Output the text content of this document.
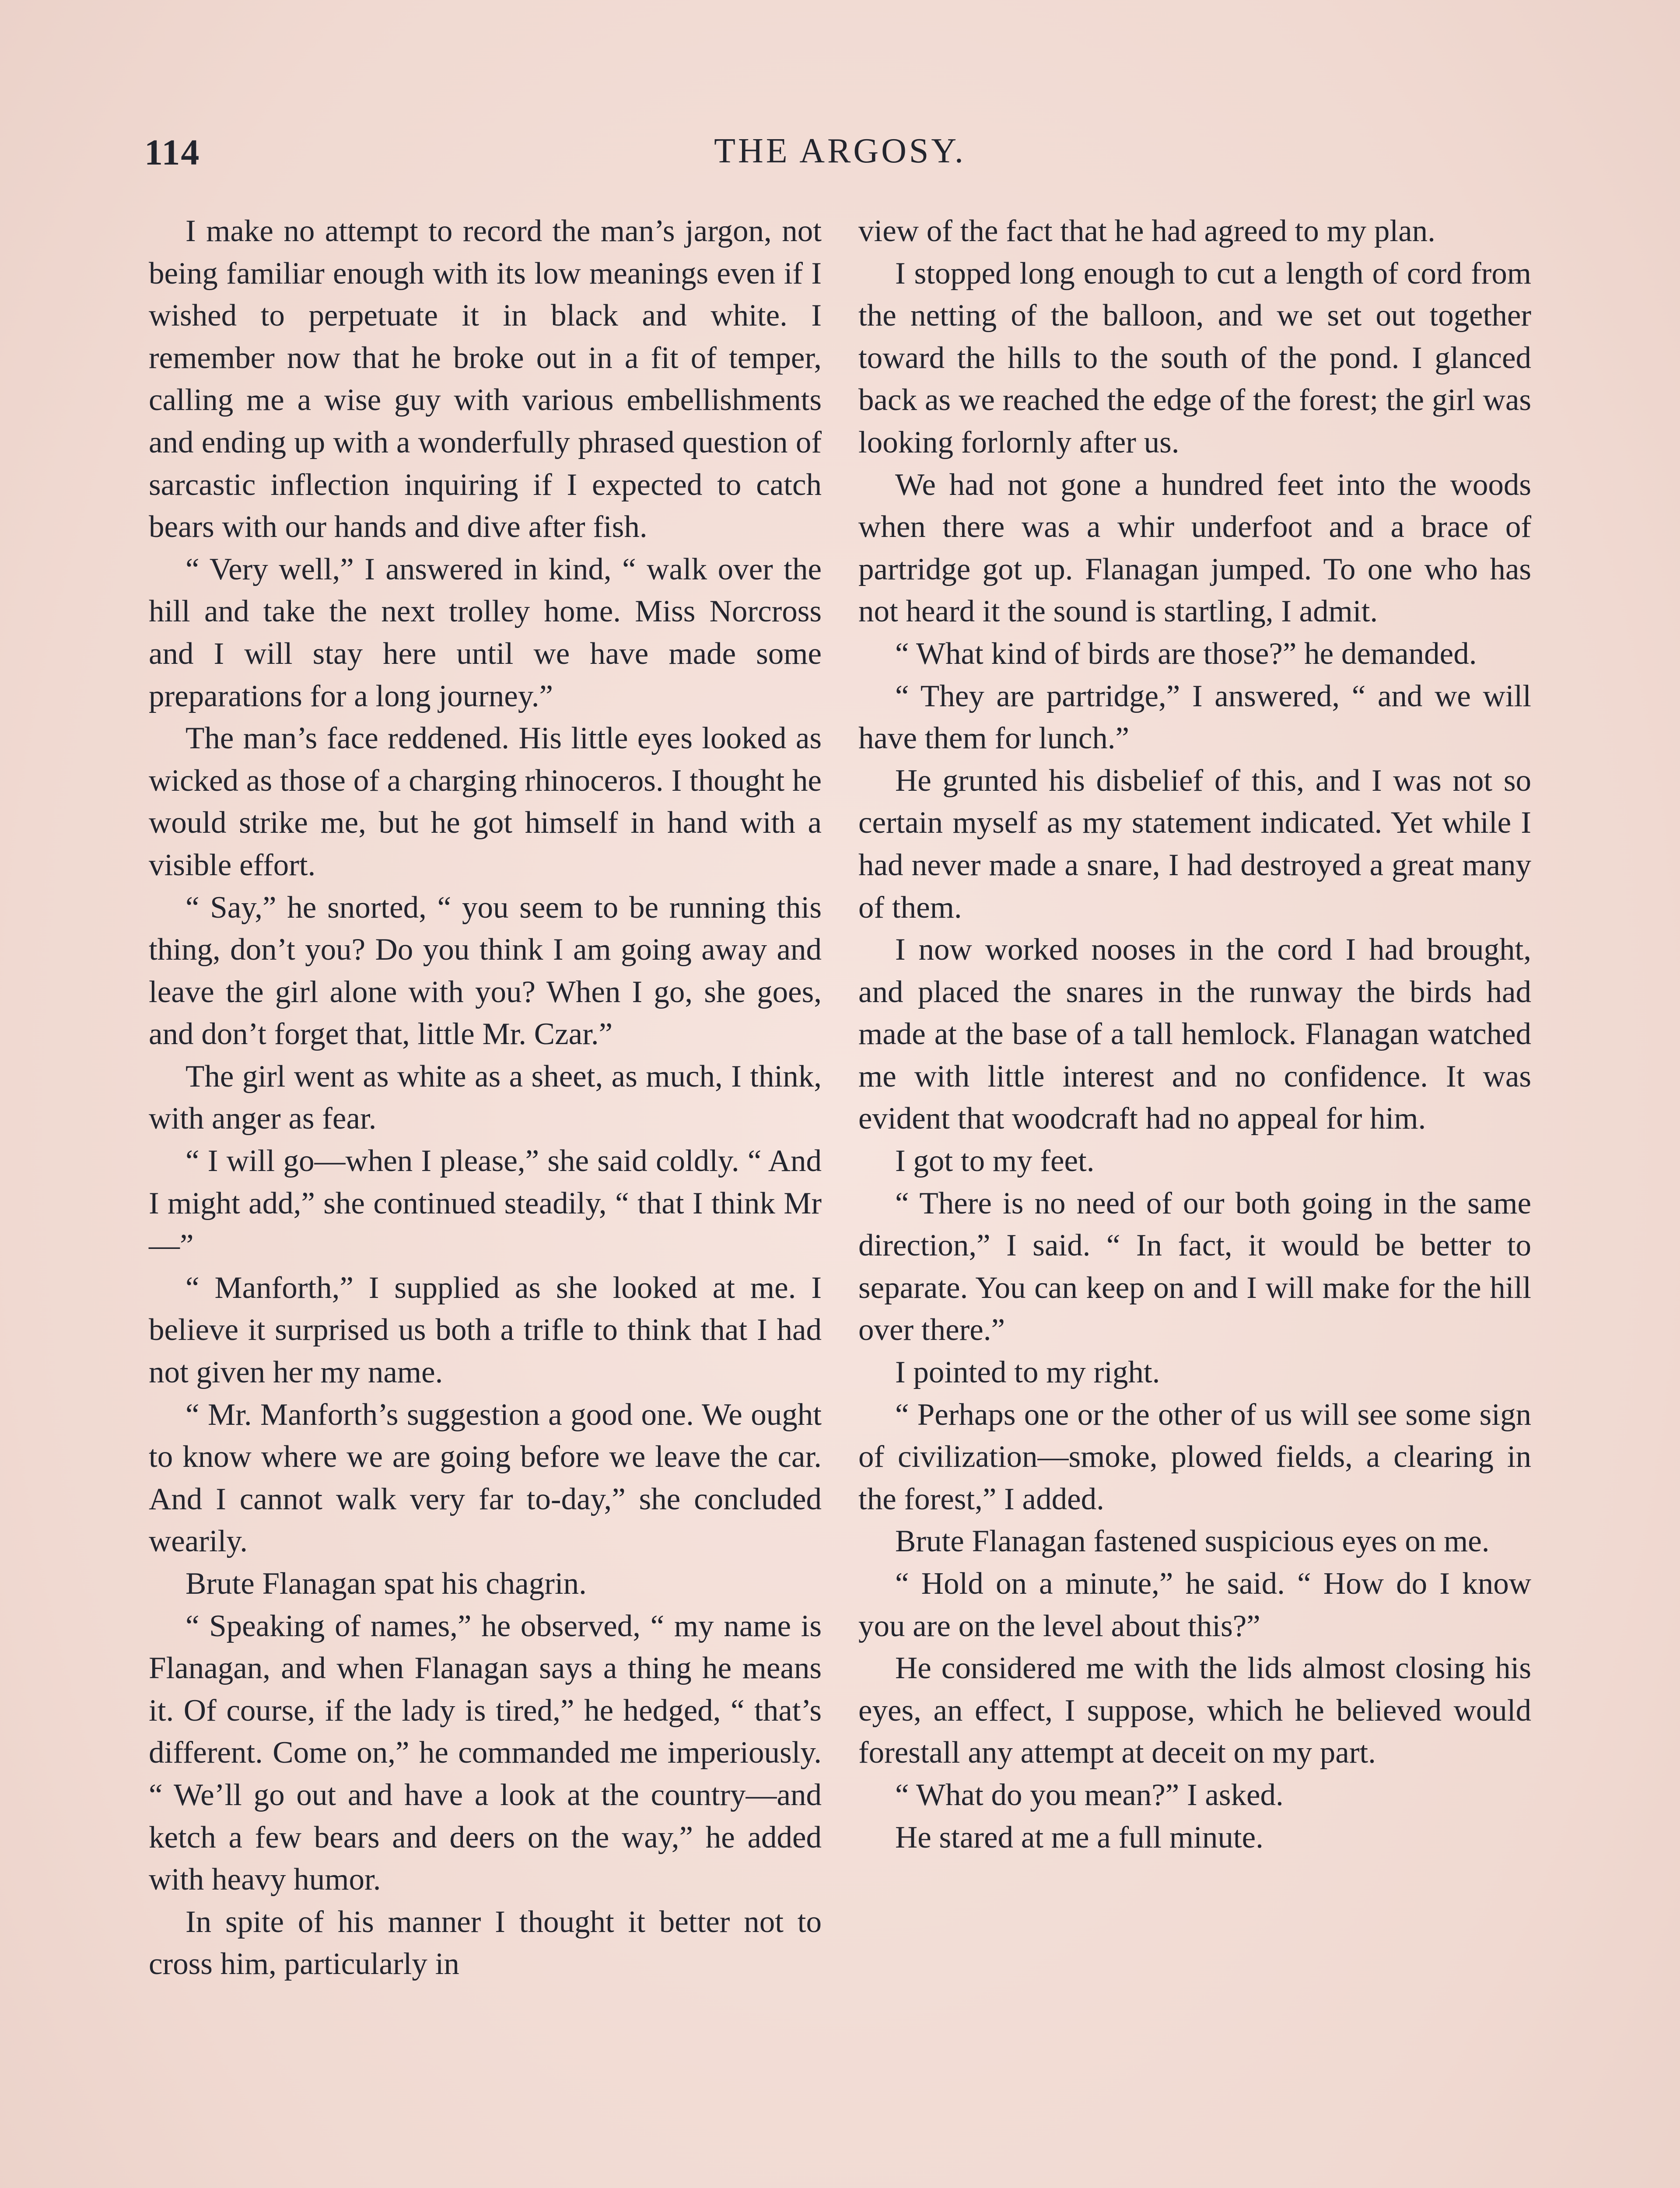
114	THE ARGOSY.

I make no attempt to record the man’s jargon, not being familiar enough with its low meanings even if I wished to perpetuate it in black and white. I remember now that he broke out in a fit of temper, calling me a wise guy with various embellishments and ending up with a wonderfully phrased question of sarcastic inflection inquiring if I expected to catch bears with our hands and dive after fish.

“ Very well,” I answered in kind, “ walk over the hill and take the next trolley home. Miss Norcross and I will stay here until we have made some preparations for a long journey.”

The man’s face reddened. His little eyes looked as wicked as those of a charging rhinoceros. I thought he would strike me, but he got himself in hand with a visible effort.

“ Say,” he snorted, “ you seem to be running this thing, don’t you? Do you think I am going away and leave the girl alone with you? When I go, she goes, and don’t forget that, little Mr. Czar.”

The girl went as white as a sheet, as much, I think, with anger as fear.

“ I will go—when I please,” she said coldly. “ And I might add,” she continued steadily, “ that I think Mr—”

“ Manforth,” I supplied as she looked at me. I believe it surprised us both a trifle to think that I had not given her my name.

“ Mr. Manforth’s suggestion a good one. We ought to know where we are going before we leave the car. And I cannot walk very far to-day,” she concluded wearily.

Brute Flanagan spat his chagrin.

“ Speaking of names,” he observed, “ my name is Flanagan, and when Flanagan says a thing he means it. Of course, if the lady is tired,” he hedged, “ that’s different. Come on,” he commanded me imperiously. “ We’ll go out and have a look at the country—and ketch a few bears and deers on the way,” he added with heavy humor.

In spite of his manner I thought it better not to cross him, particularly in

view of the fact that he had agreed to my plan.

I stopped long enough to cut a length of cord from the netting of the balloon, and we set out together toward the hills to the south of the pond. I glanced back as we reached the edge of the forest; the girl was looking forlornly after us.

We had not gone a hundred feet into the woods when there was a whir underfoot and a brace of partridge got up. Flanagan jumped. To one who has not heard it the sound is startling, I admit.

“ What kind of birds are those?” he demanded.

“ They are partridge,” I answered, “ and we will have them for lunch.”

He grunted his disbelief of this, and I was not so certain myself as my statement indicated. Yet while I had never made a snare, I had destroyed a great many of them.

I now worked nooses in the cord I had brought, and placed the snares in the runway the birds had made at the base of a tall hemlock. Flanagan watched me with little interest and no confidence. It was evident that woodcraft had no appeal for him.

I got to my feet.

“ There is no need of our both going in the same direction,” I said. “ In fact, it would be better to separate. You can keep on and I will make for the hill over there.”

I pointed to my right.

“ Perhaps one or the other of us will see some sign of civilization—smoke, plowed fields, a clearing in the forest,” I added.

Brute Flanagan fastened suspicious eyes on me.

“ Hold on a minute,” he said. “ How do I know you are on the level about this?”

He considered me with the lids almost closing his eyes, an effect, I suppose, which he believed would forestall any attempt at deceit on my part.

“ What do you mean?” I asked.

He stared at me a full minute.
